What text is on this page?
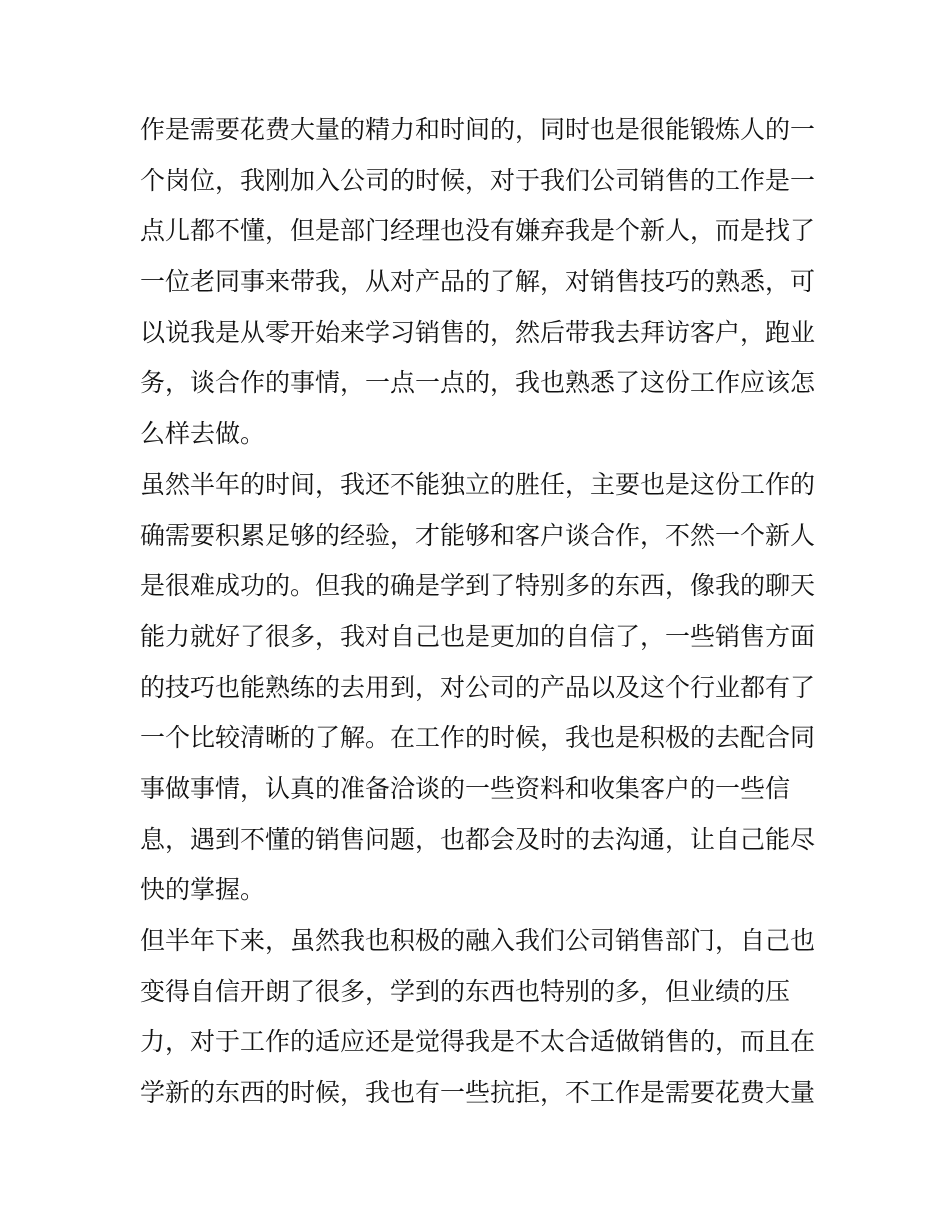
作是需要花费大量的精力和时间的，同时也是很能锻炼人的一
个岗位，我刚加入公司的时候，对于我们公司销售的工作是一
点儿都不懂，但是部门经理也没有嫌弃我是个新人，而是找了
一位老同事来带我，从对产品的了解，对销售技巧的熟悉，可
以说我是从零开始来学习销售的，然后带我去拜访客户，跑业
务，谈合作的事情，一点一点的，我也熟悉了这份工作应该怎
么样去做。
虽然半年的时间，我还不能独立的胜任，主要也是这份工作的
确需要积累足够的经验，才能够和客户谈合作，不然一个新人
是很难成功的。但我的确是学到了特别多的东西，像我的聊天
能力就好了很多，我对自己也是更加的自信了，一些销售方面
的技巧也能熟练的去用到，对公司的产品以及这个行业都有了
一个比较清晰的了解。在工作的时候，我也是积极的去配合同
事做事情，认真的准备洽谈的一些资料和收集客户的一些信
息，遇到不懂的销售问题，也都会及时的去沟通，让自己能尽
快的掌握。
但半年下来，虽然我也积极的融入我们公司销售部门，自己也
变得自信开朗了很多，学到的东西也特别的多，但业绩的压
力，对于工作的适应还是觉得我是不太合适做销售的，而且在
学新的东西的时候，我也有一些抗拒，不工作是需要花费大量
